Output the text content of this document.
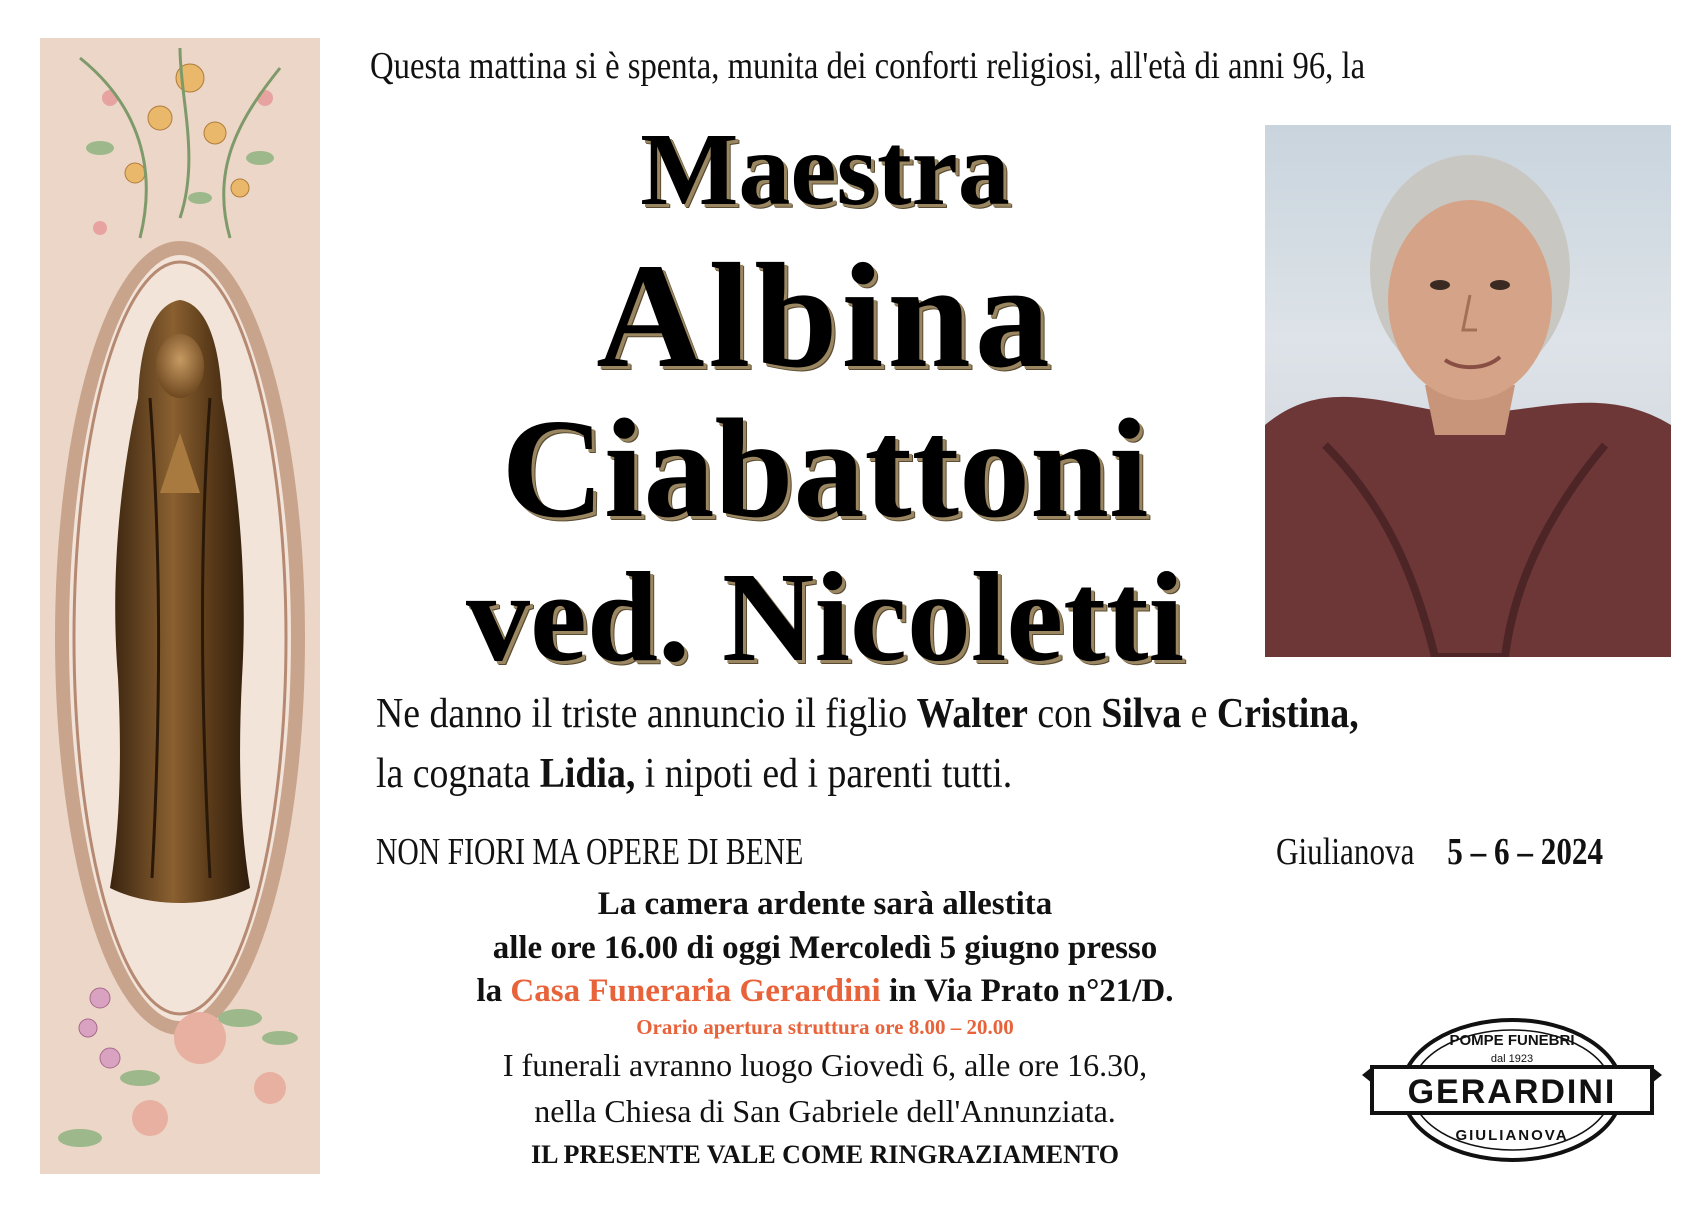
Questa mattina si è spenta, munita dei conforti religiosi, all'età di anni 96, la
Maestra
Albina
Ciabattoni
ved. Nicoletti
Ne danno il triste annuncio il figlio Walter con Silva e Cristina,
la cognata Lidia, i nipoti ed i parenti tutti.
NON FIORI MA OPERE DI BENE	Giulianova 5 – 6 – 2024
La camera ardente sarà allestita
alle ore 16.00 di oggi Mercoledì 5 giugno presso
la Casa Funeraria Gerardini in Via Prato n°21/D.
Orario apertura struttura ore 8.00 – 20.00
I funerali avranno luogo Giovedì 6, alle ore 16.30,
nella Chiesa di San Gabriele dell'Annunziata.
IL PRESENTE VALE COME RINGRAZIAMENTO
POMPE FUNEBRI
dal 1923
GERARDINI
GIULIANOVA
